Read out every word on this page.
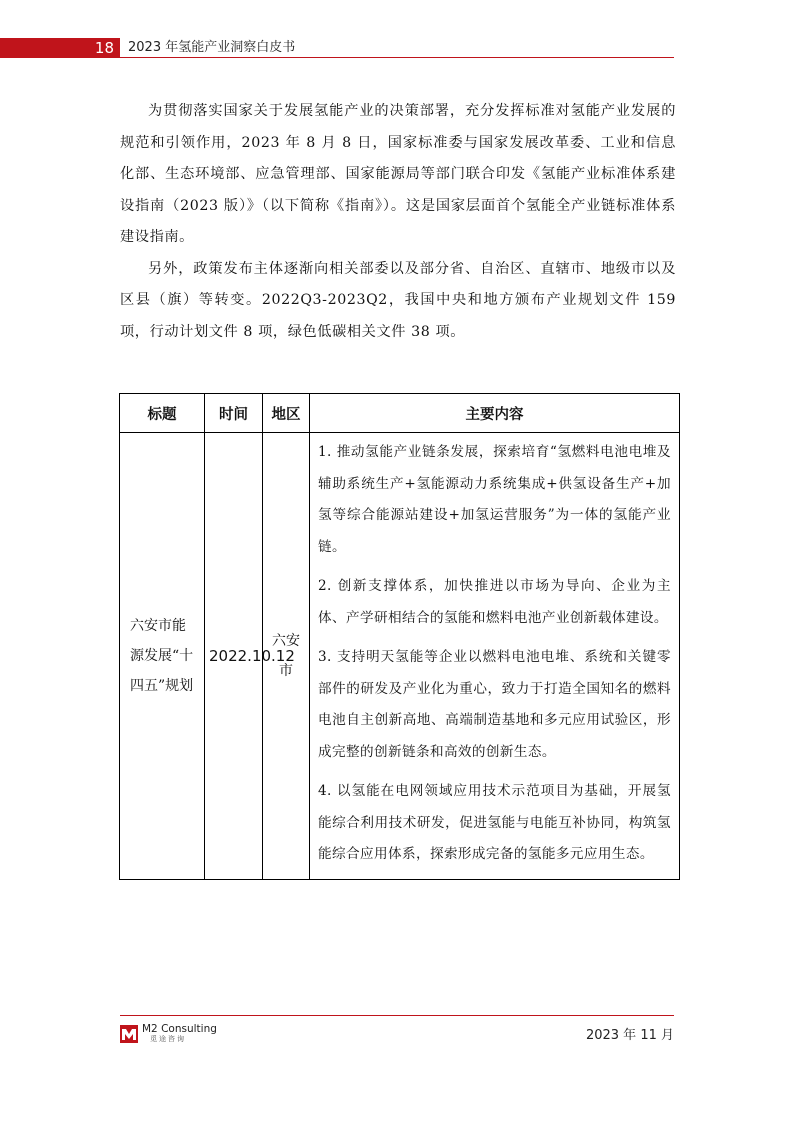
18	2023 年氢能产业洞察白皮书

为贯彻落实国家关于发展氢能产业的决策部署，充分发挥标准对氢能产业发展的规范和引领作用，2023 年 8 月 8 日，国家标准委与国家发展改革委、工业和信息化部、生态环境部、应急管理部、国家能源局等部门联合印发《氢能产业标准体系建设指南（2023 版）》（以下简称《指南》）。这是国家层面首个氢能全产业链标准体系建设指南。

另外，政策发布主体逐渐向相关部委以及部分省、自治区、直辖市、地级市以及区县（旗）等转变。2022Q3-2023Q2，我国中央和地方颁布产业规划文件 159 项，行动计划文件 8 项，绿色低碳相关文件 38 项。

标题	时间	地区	主要内容
六安市能源发展“十四五”规划	2022.10.12	六安市	1. 推动氢能产业链条发展，探索培育“氢燃料电池电堆及辅助系统生产+氢能源动力系统集成+供氢设备生产+加氢等综合能源站建设+加氢运营服务”为一体的氢能产业链。

2. 创新支撑体系，加快推进以市场为导向、企业为主体、产学研相结合的氢能和燃料电池产业创新载体建设。

3. 支持明天氢能等企业以燃料电池电堆、系统和关键零部件的研发及产业化为重心，致力于打造全国知名的燃料电池自主创新高地、高端制造基地和多元应用试验区，形成完整的创新链条和高效的创新生态。

4. 以氢能在电网领域应用技术示范项目为基础，开展氢能综合利用技术研发，促进氢能与电能互补协同，构筑氢能综合应用体系，探索形成完备的氢能多元应用生态。

M2 Consulting
觅途咨询	2023 年 11 月
